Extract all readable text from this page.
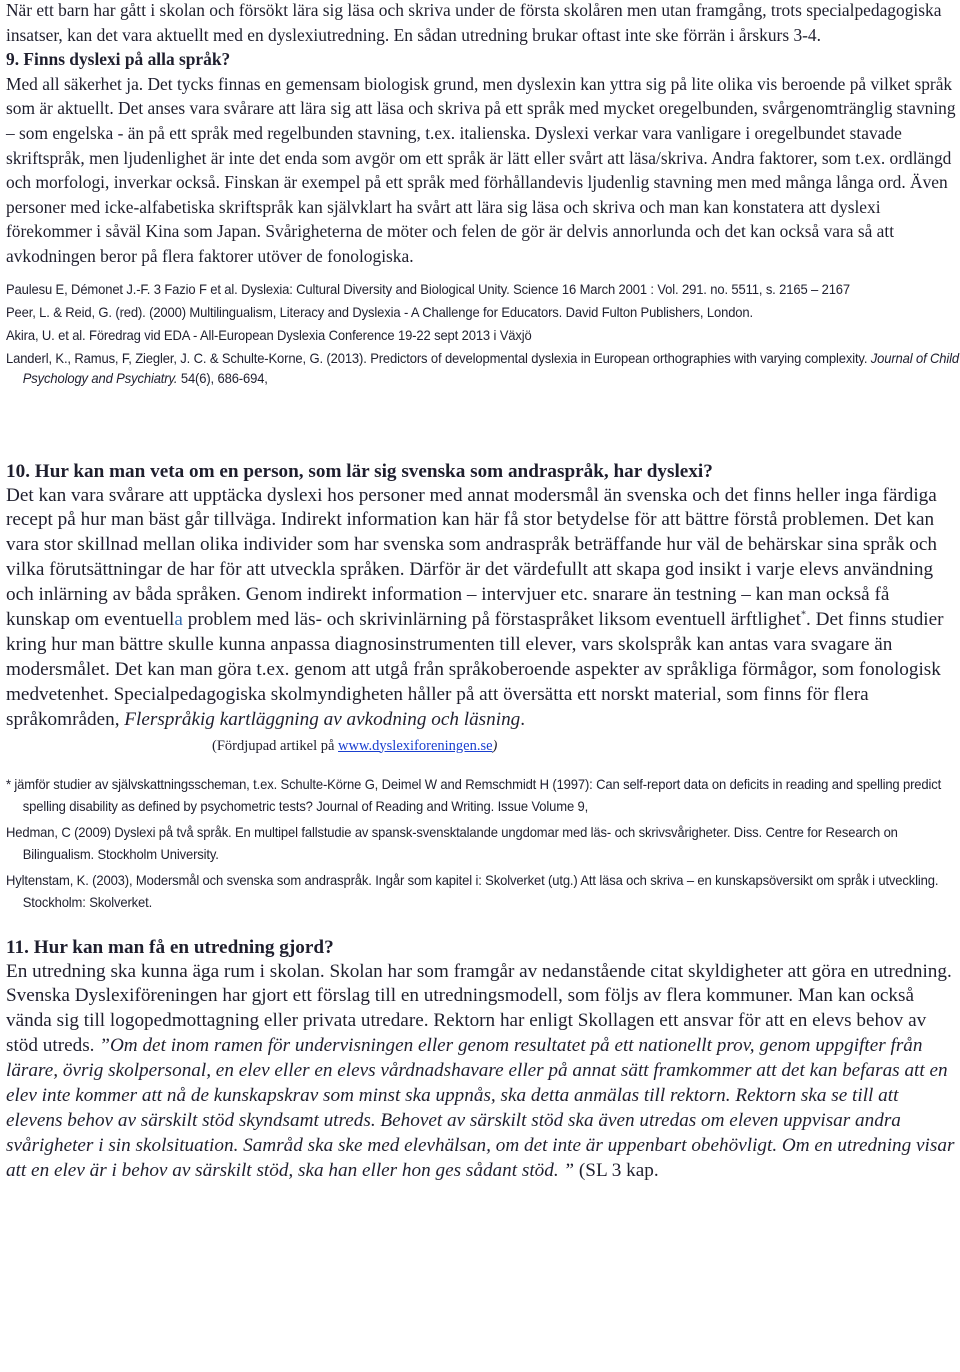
När ett barn har gått i skolan och försökt lära sig läsa och skriva under de första skolåren men utan framgång, trots specialpedagogiska insatser, kan det vara aktuellt med en dyslexiutredning. En sådan utredning brukar oftast inte ske förrän i årskurs 3-4.

9. Finns dyslexi på alla språk?

Med all säkerhet ja. Det tycks finnas en gemensam biologisk grund, men dyslexin kan yttra sig på lite olika vis beroende på vilket språk som är aktuellt. Det anses vara svårare att lära sig att läsa och skriva på ett språk med mycket oregelbunden, svårgenomtränglig stavning – som engelska - än på ett språk med regelbunden stavning, t.ex. italienska. Dyslexi verkar vara vanligare i oregelbundet stavade skriftspråk, men ljudenlighet är inte det enda som avgör om ett språk är lätt eller svårt att läsa/skriva. Andra faktorer, som t.ex. ordlängd och morfologi, inverkar också. Finskan är exempel på ett språk med förhållandevis ljudenlig stavning men med många långa ord. Även personer med icke-alfabetiska skriftspråk kan självklart ha svårt att lära sig läsa och skriva och man kan konstatera att dyslexi förekommer i såväl Kina som Japan. Svårigheterna de möter och felen de gör är delvis annorlunda och det kan också vara så att avkodningen beror på flera faktorer utöver de fonologiska.

Paulesu E, Démonet J.-F. 3 Fazio F et al. Dyslexia: Cultural Diversity and Biological Unity. Science 16 March 2001 : Vol. 291. no. 5511, s. 2165 – 2167

Peer, L. & Reid, G. (red). (2000) Multilingualism, Literacy and Dyslexia - A Challenge for Educators. David Fulton Publishers, London.

Akira, U. et al. Föredrag vid EDA - All-European Dyslexia Conference 19-22 sept 2013 i Växjö

Landerl, K., Ramus, F, Ziegler, J. C. & Schulte-Korne, G. (2013). Predictors of developmental dyslexia in European orthographies with varying complexity. Journal of Child Psychology and Psychiatry. 54(6), 686-694,

10. Hur kan man veta om en person, som lär sig svenska som andraspråk, har dyslexi?

Det kan vara svårare att upptäcka dyslexi hos personer med annat modersmål än svenska och det finns heller inga färdiga recept på hur man bäst går tillväga. Indirekt information kan här få stor betydelse för att bättre förstå problemen. Det kan vara stor skillnad mellan olika individer som har svenska som andraspråk beträffande hur väl de behärskar sina språk och vilka förutsättningar de har för att utveckla språken. Därför är det värdefullt att skapa god insikt i varje elevs användning och inlärning av båda språken. Genom indirekt information – intervjuer etc. snarare än testning – kan man också få kunskap om eventuella problem med läs- och skrivinlärning på förstaspråket liksom eventuell ärftlighet*. Det finns studier kring hur man bättre skulle kunna anpassa diagnosinstrumenten till elever, vars skolspråk kan antas vara svagare än modersmålet. Det kan man göra t.ex. genom att utgå från språkoberoende aspekter av språkliga förmågor, som fonologisk medvetenhet. Specialpedagogiska skolmyndigheten håller på att översätta ett norskt material, som finns för flera språkområden, Flerspråkig kartläggning av avkodning och läsning. (Fördjupad artikel på www.dyslexiforeningen.se)

* jämför studier av självskattningsscheman, t.ex. Schulte-Körne G, Deimel W and Remschmidt H (1997): Can self-report data on deficits in reading and spelling predict spelling disability as defined by psychometric tests? Journal of Reading and Writing. Issue Volume 9,

Hedman, C (2009) Dyslexi på två språk. En multipel fallstudie av spansk-svensktalande ungdomar med läs- och skrivsvårigheter. Diss. Centre for Research on Bilingualism. Stockholm University.

Hyltenstam, K. (2003), Modersmål och svenska som andraspråk. Ingår som kapitel i: Skolverket (utg.) Att läsa och skriva – en kunskapsöversikt om språk i utveckling. Stockholm: Skolverket.

11. Hur kan man få en utredning gjord?

En utredning ska kunna äga rum i skolan. Skolan har som framgår av nedanstående citat skyldigheter att göra en utredning. Svenska Dyslexiföreningen har gjort ett förslag till en utredningsmodell, som följs av flera kommuner. Man kan också vända sig till logopedmottagning eller privata utredare. Rektorn har enligt Skollagen ett ansvar för att en elevs behov av stöd utreds. ”Om det inom ramen för undervisningen eller genom resultatet på ett nationellt prov, genom uppgifter från lärare, övrig skolpersonal, en elev eller en elevs vårdnadshavare eller på annat sätt framkommer att det kan befaras att en elev inte kommer att nå de kunskapskrav som minst ska uppnås, ska detta anmälas till rektorn. Rektorn ska se till att elevens behov av särskilt stöd skyndsamt utreds. Behovet av särskilt stöd ska även utredas om eleven uppvisar andra svårigheter i sin skolsituation. Samråd ska ske med elevhälsan, om det inte är uppenbart obehövligt. Om en utredning visar att en elev är i behov av särskilt stöd, ska han eller hon ges sådant stöd. ” (SL 3 kap.
